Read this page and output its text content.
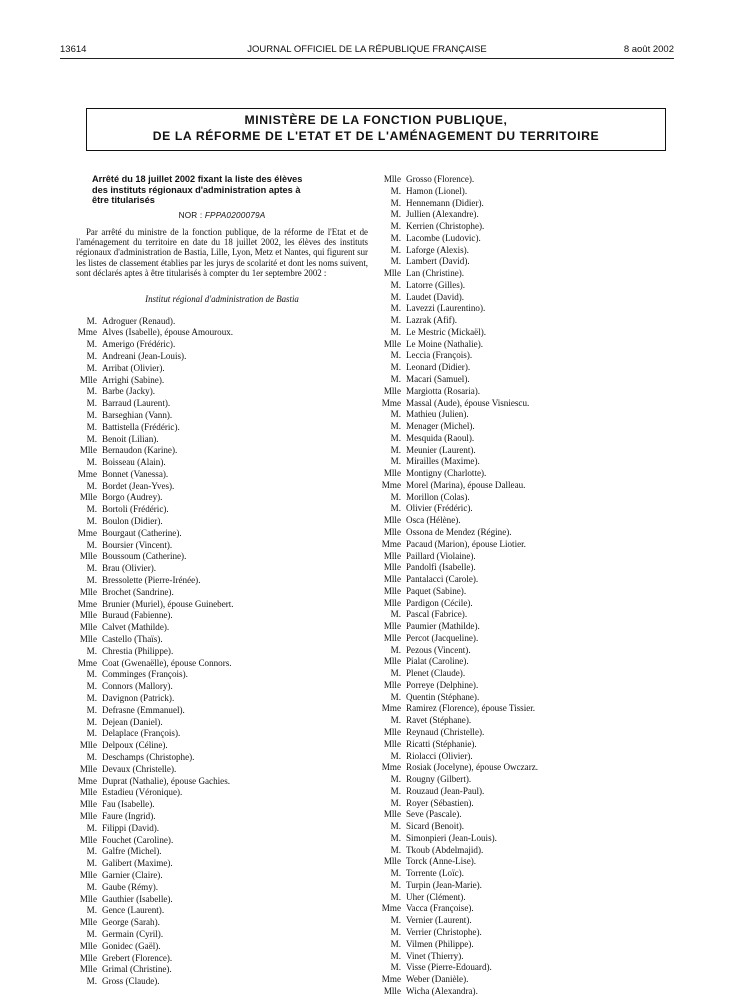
13614	JOURNAL OFFICIEL DE LA RÉPUBLIQUE FRANÇAISE	8 août 2002
MINISTÈRE DE LA FONCTION PUBLIQUE,
DE LA RÉFORME DE L'ETAT ET DE L'AMÉNAGEMENT DU TERRITOIRE
Arrêté du 18 juillet 2002 fixant la liste des élèves
des instituts régionaux d'administration aptes à
être titularisés
NOR : FPPA0200079A
Par arrêté du ministre de la fonction publique, de la réforme de l'Etat et de l'aménagement du territoire en date du 18 juillet 2002, les élèves des instituts régionaux d'administration de Bastia, Lille, Lyon, Metz et Nantes, qui figurent sur les listes de classement établies par les jurys de scolarité et dont les noms suivent, sont déclarés aptes à être titularisés à compter du 1er septembre 2002 :
Institut régional d'administration de Bastia
M. Adroguer (Renaud).
Mme Alves (Isabelle), épouse Amouroux.
M. Amerigo (Frédéric).
M. Andreani (Jean-Louis).
M. Arribat (Olivier).
Mlle Arrighi (Sabine).
M. Barbe (Jacky).
M. Barraud (Laurent).
M. Barseghian (Vann).
M. Battistella (Frédéric).
M. Benoit (Lilian).
Mlle Bernaudon (Karine).
M. Boisseau (Alain).
Mme Bonnet (Vanessa).
M. Bordet (Jean-Yves).
Mlle Borgo (Audrey).
M. Bortoli (Frédéric).
M. Boulon (Didier).
Mme Bourgaut (Catherine).
M. Boursier (Vincent).
Mlle Boussoum (Catherine).
M. Brau (Olivier).
M. Bressolette (Pierre-Irénée).
Mlle Brochet (Sandrine).
Mme Brunier (Muriel), épouse Guinebert.
Mlle Buraud (Fabienne).
Mlle Calvet (Mathilde).
Mlle Castello (Thaïs).
M. Chrestia (Philippe).
Mme Coat (Gwenaëlle), épouse Connors.
M. Comminges (François).
M. Connors (Mallory).
M. Davignon (Patrick).
M. Defrasne (Emmanuel).
M. Dejean (Daniel).
M. Delaplace (François).
Mlle Delpoux (Céline).
M. Deschamps (Christophe).
Mlle Devaux (Christelle).
Mme Duprat (Nathalie), épouse Gachies.
Mlle Estadieu (Véronique).
Mlle Fau (Isabelle).
Mlle Faure (Ingrid).
M. Filippi (David).
Mlle Fouchet (Caroline).
M. Galfre (Michel).
M. Galibert (Maxime).
Mlle Garnier (Claire).
M. Gaube (Rémy).
Mlle Gauthier (Isabelle).
M. Gence (Laurent).
Mlle George (Sarah).
M. Germain (Cyril).
Mlle Gonidec (Gaël).
Mlle Grebert (Florence).
Mlle Grimal (Christine).
M. Gross (Claude).
Mlle Grosso (Florence).
M. Hamon (Lionel).
M. Hennemann (Didier).
M. Jullien (Alexandre).
M. Kerrien (Christophe).
M. Lacombe (Ludovic).
M. Laforge (Alexis).
M. Lambert (David).
Mlle Lan (Christine).
M. Latorre (Gilles).
M. Laudet (David).
M. Lavezzi (Laurentino).
M. Lazrak (Afif).
M. Le Mestric (Mickaël).
Mlle Le Moine (Nathalie).
M. Leccia (François).
M. Leonard (Didier).
M. Macari (Samuel).
Mlle Margiotta (Rosaria).
Mme Massal (Aude), épouse Visniescu.
M. Mathieu (Julien).
M. Menager (Michel).
M. Mesquida (Raoul).
M. Meunier (Laurent).
M. Mirailles (Maxime).
Mlle Montigny (Charlotte).
Mme Morel (Marina), épouse Dalleau.
M. Morillon (Colas).
M. Olivier (Frédéric).
Mlle Osca (Hélène).
Mlle Ossona de Mendez (Régine).
Mme Pacaud (Marion), épouse Liotier.
Mlle Paillard (Violaine).
Mlle Pandolfi (Isabelle).
Mlle Pantalacci (Carole).
Mlle Paquet (Sabine).
Mlle Pardigon (Cécile).
M. Pascal (Fabrice).
Mlle Paumier (Mathilde).
Mlle Percot (Jacqueline).
M. Pezous (Vincent).
Mlle Pialat (Caroline).
M. Plenet (Claude).
Mlle Porreye (Delphine).
M. Quentin (Stéphane).
Mme Ramirez (Florence), épouse Tissier.
M. Ravet (Stéphane).
Mlle Reynaud (Christelle).
Mlle Ricatti (Stéphanie).
M. Riolacci (Olivier).
Mme Rosiak (Jocelyne), épouse Owczarz.
M. Rougny (Gilbert).
M. Rouzaud (Jean-Paul).
M. Royer (Sébastien).
Mlle Seve (Pascale).
M. Sicard (Benoit).
M. Simonpieri (Jean-Louis).
M. Tkoub (Abdelmajid).
Mlle Torck (Anne-Lise).
M. Torrente (Loïc).
M. Turpin (Jean-Marie).
M. Uher (Clément).
Mme Vacca (Françoise).
M. Vernier (Laurent).
M. Verrier (Christophe).
M. Vilmen (Philippe).
M. Vinet (Thierry).
M. Visse (Pierre-Edouard).
Mme Weber (Danièle).
Mlle Wicha (Alexandra).
